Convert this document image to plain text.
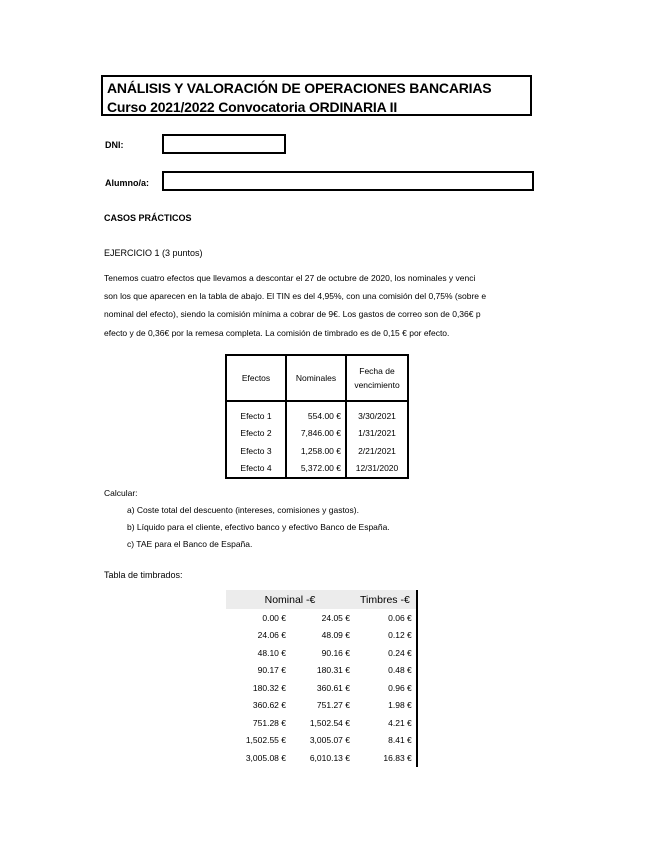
ANÁLISIS Y VALORACIÓN DE OPERACIONES BANCARIAS
Curso 2021/2022 Convocatoria ORDINARIA II
DNI:
Alumno/a:
CASOS PRÁCTICOS
EJERCICIO 1 (3 puntos)
Tenemos cuatro efectos que llevamos a descontar el 27 de octubre de 2020, los nominales y venci
son los que aparecen en la tabla de abajo. El TIN es del 4,95%, con una comisión del 0,75% (sobre e
nominal del efecto), siendo la comisión mínima a cobrar de 9€. Los gastos de correo son de 0,36€ p
efecto y de 0,36€ por la remesa completa. La comisión de timbrado es de 0,15 € por efecto.
Efectos	Nominales	Fecha de
vencimiento

Efecto 1	554.00 €	3/30/2021
Efecto 2	7,846.00 €	1/31/2021
Efecto 3	1,258.00 €	2/21/2021
Efecto 4	5,372.00 €	12/31/2020
Calcular:
a) Coste total del descuento (intereses, comisiones y gastos).
b) Líquido para el cliente, efectivo banco y efectivo Banco de España.
c) TAE para el Banco de España.
Tabla de timbrados:
Nominal -€		Timbres -€
0.00 €	24.05 €	0.06 €
24.06 €	48.09 €	0.12 €
48.10 €	90.16 €	0.24 €
90.17 €	180.31 €	0.48 €
180.32 €	360.61 €	0.96 €
360.62 €	751.27 €	1.98 €
751.28 €	1,502.54 €	4.21 €
1,502.55 €	3,005.07 €	8.41 €
3,005.08 €	6,010.13 €	16.83 €
